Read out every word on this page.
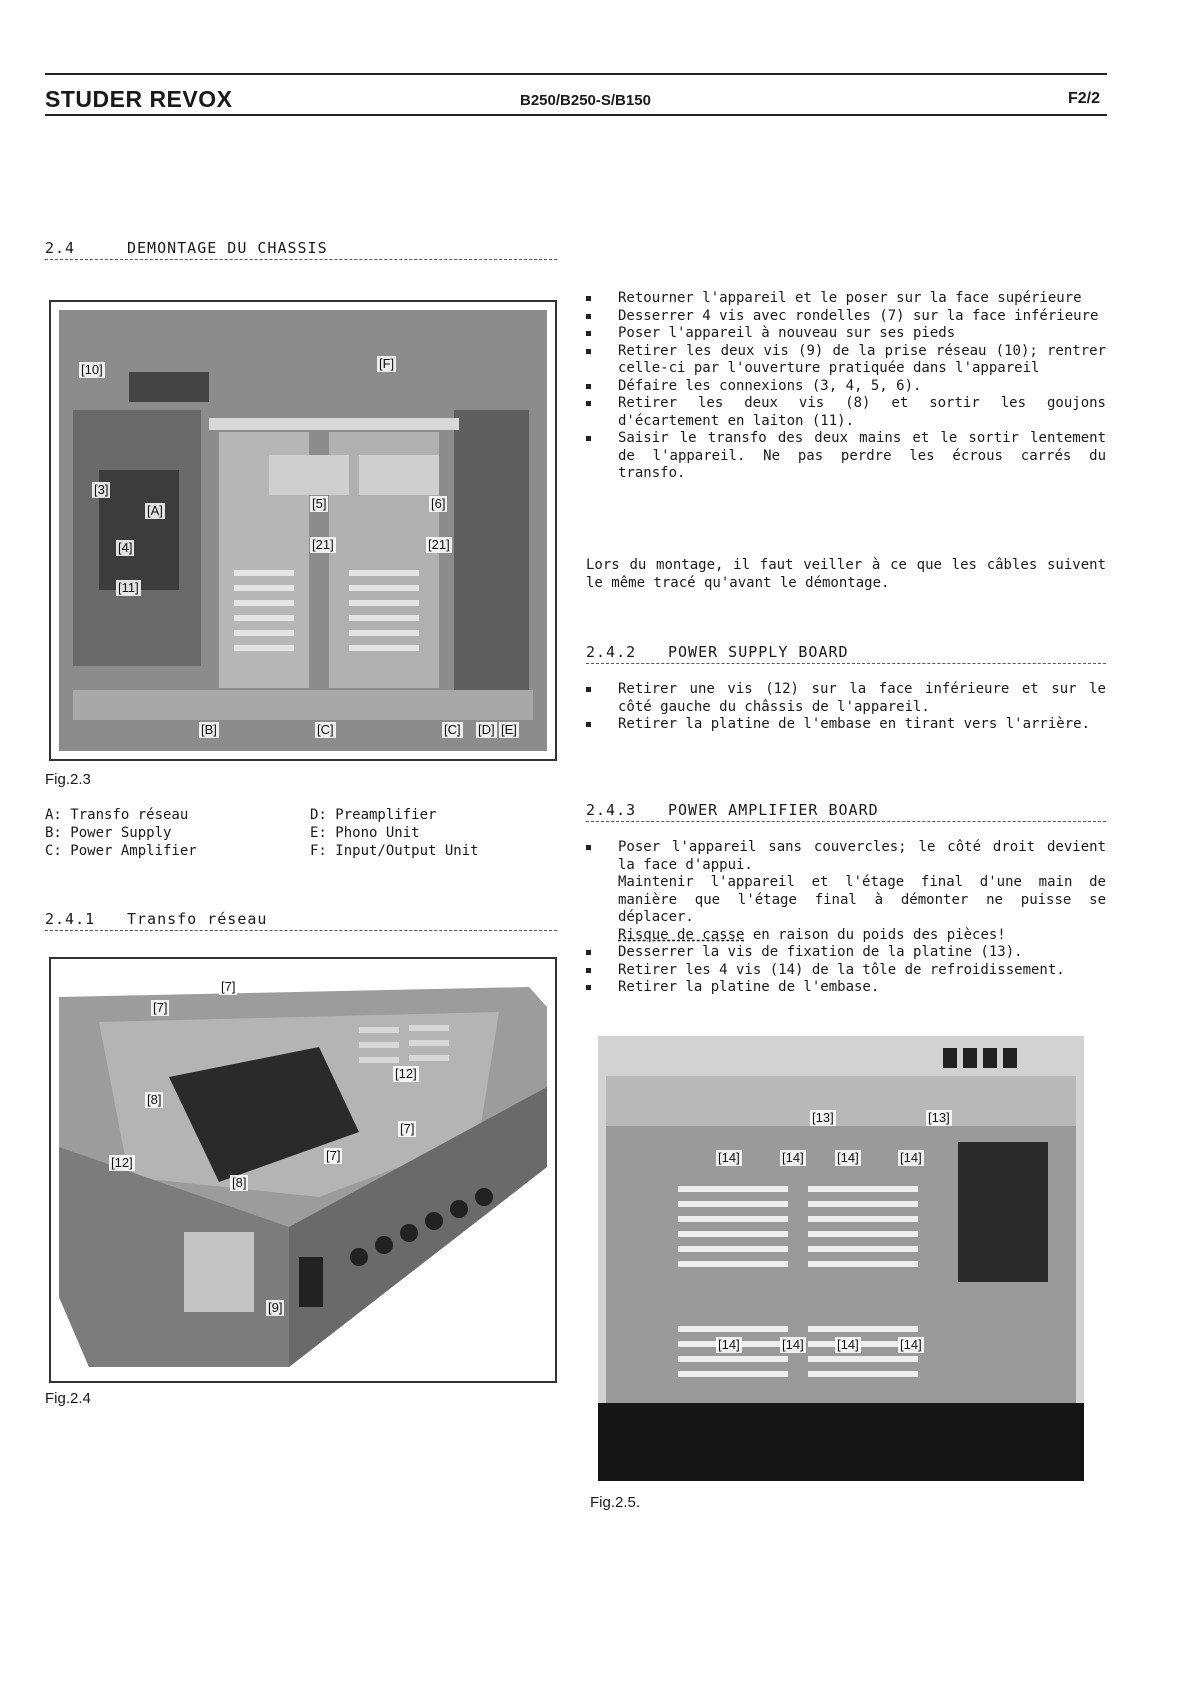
STUDER REVOX	B250/B250-S/B150	F2/2
2.4	DEMONTAGE DU CHASSIS
[10]	[F]
[3]
[A]
[4]
[11]
[5]	[6]
[21]	[21]
[B]	[C]	[C] [D] [E]
Fig.2.3
A: Transfo réseau
B: Power Supply
C: Power Amplifier
D: Preamplifier
E: Phono Unit
F: Input/Output Unit
2.4.1 Transfo réseau
[7]
[7]
[12]
[8]
[7]
[12]	[7]
[8]
[9]
Fig.2.4
Retourner l'appareil et le poser sur la face supérieure
Desserrer 4 vis avec rondelles (7) sur la face inférieure
Poser l'appareil à nouveau sur ses pieds
Retirer les deux vis (9) de la prise réseau (10); rentrer celle-ci par l'ouverture pratiquée dans l'appareil
Défaire les connexions (3, 4, 5, 6).
Retirer les deux vis (8) et sortir les goujons d'écartement en laiton (11).
Saisir le transfo des deux mains et le sortir lentement de l'appareil. Ne pas perdre les écrous carrés du transfo.
Lors du montage, il faut veiller à ce que les câbles suivent le même tracé qu'avant le démontage.
2.4.2 POWER SUPPLY BOARD
Retirer une vis (12) sur la face inférieure et sur le côté gauche du châssis de l'appareil.
Retirer la platine de l'embase en tirant vers l'arrière.
2.4.3 POWER AMPLIFIER BOARD
Poser l'appareil sans couvercles; le côté droit devient la face d'appui.
Maintenir l'appareil et l'étage final d'une main de manière que l'étage final à démonter ne puisse se déplacer.
Risque de casse en raison du poids des pièces!
Desserrer la vis de fixation de la platine (13).
Retirer les 4 vis (14) de la tôle de refroidissement.
Retirer la platine de l'embase.
[13]	[13]
[14]	[14]	[14]	[14]
[14]	[14]	[14]	[14]
Fig.2.5.
